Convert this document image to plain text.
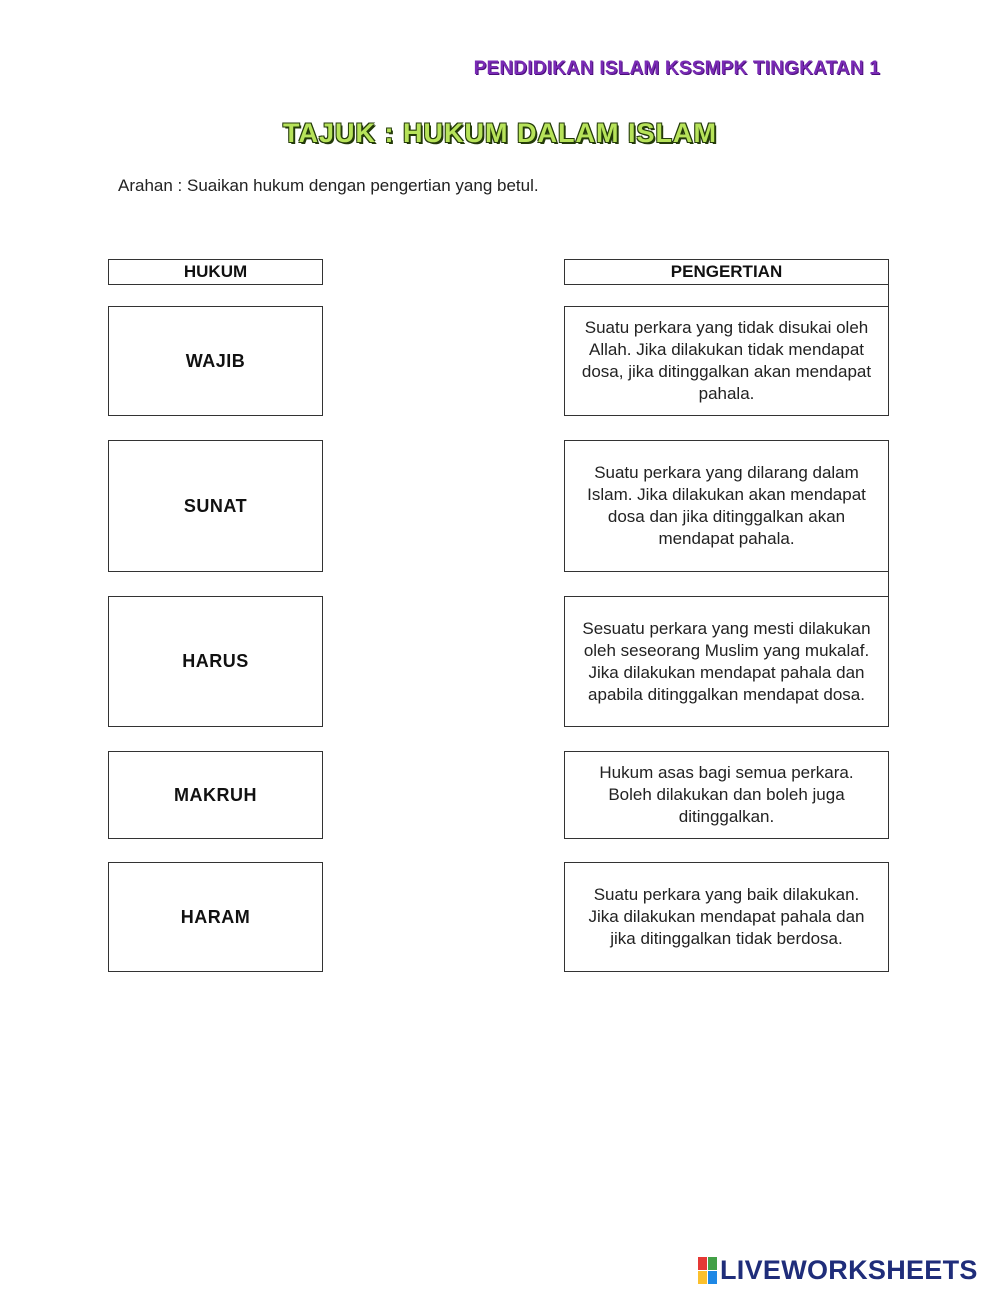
PENDIDIKAN ISLAM KSSMPK TINGKATAN 1
TAJUK : HUKUM DALAM ISLAM
Arahan : Suaikan hukum dengan pengertian yang betul.
HUKUM	PENGERTIAN
WAJIB
SUNAT
HARUS
MAKRUH
HARAM
Suatu perkara yang tidak disukai oleh Allah. Jika dilakukan tidak mendapat dosa, jika ditinggalkan akan mendapat pahala.
Suatu perkara yang dilarang dalam Islam. Jika dilakukan akan mendapat dosa dan jika ditinggalkan akan mendapat pahala.
Sesuatu perkara yang mesti dilakukan oleh seseorang Muslim yang mukalaf. Jika dilakukan mendapat pahala dan apabila ditinggalkan mendapat dosa.
Hukum asas bagi semua perkara. Boleh dilakukan dan boleh juga ditinggalkan.
Suatu perkara yang baik dilakukan. Jika dilakukan mendapat pahala dan jika ditinggalkan tidak berdosa.
LIVEWORKSHEETS
